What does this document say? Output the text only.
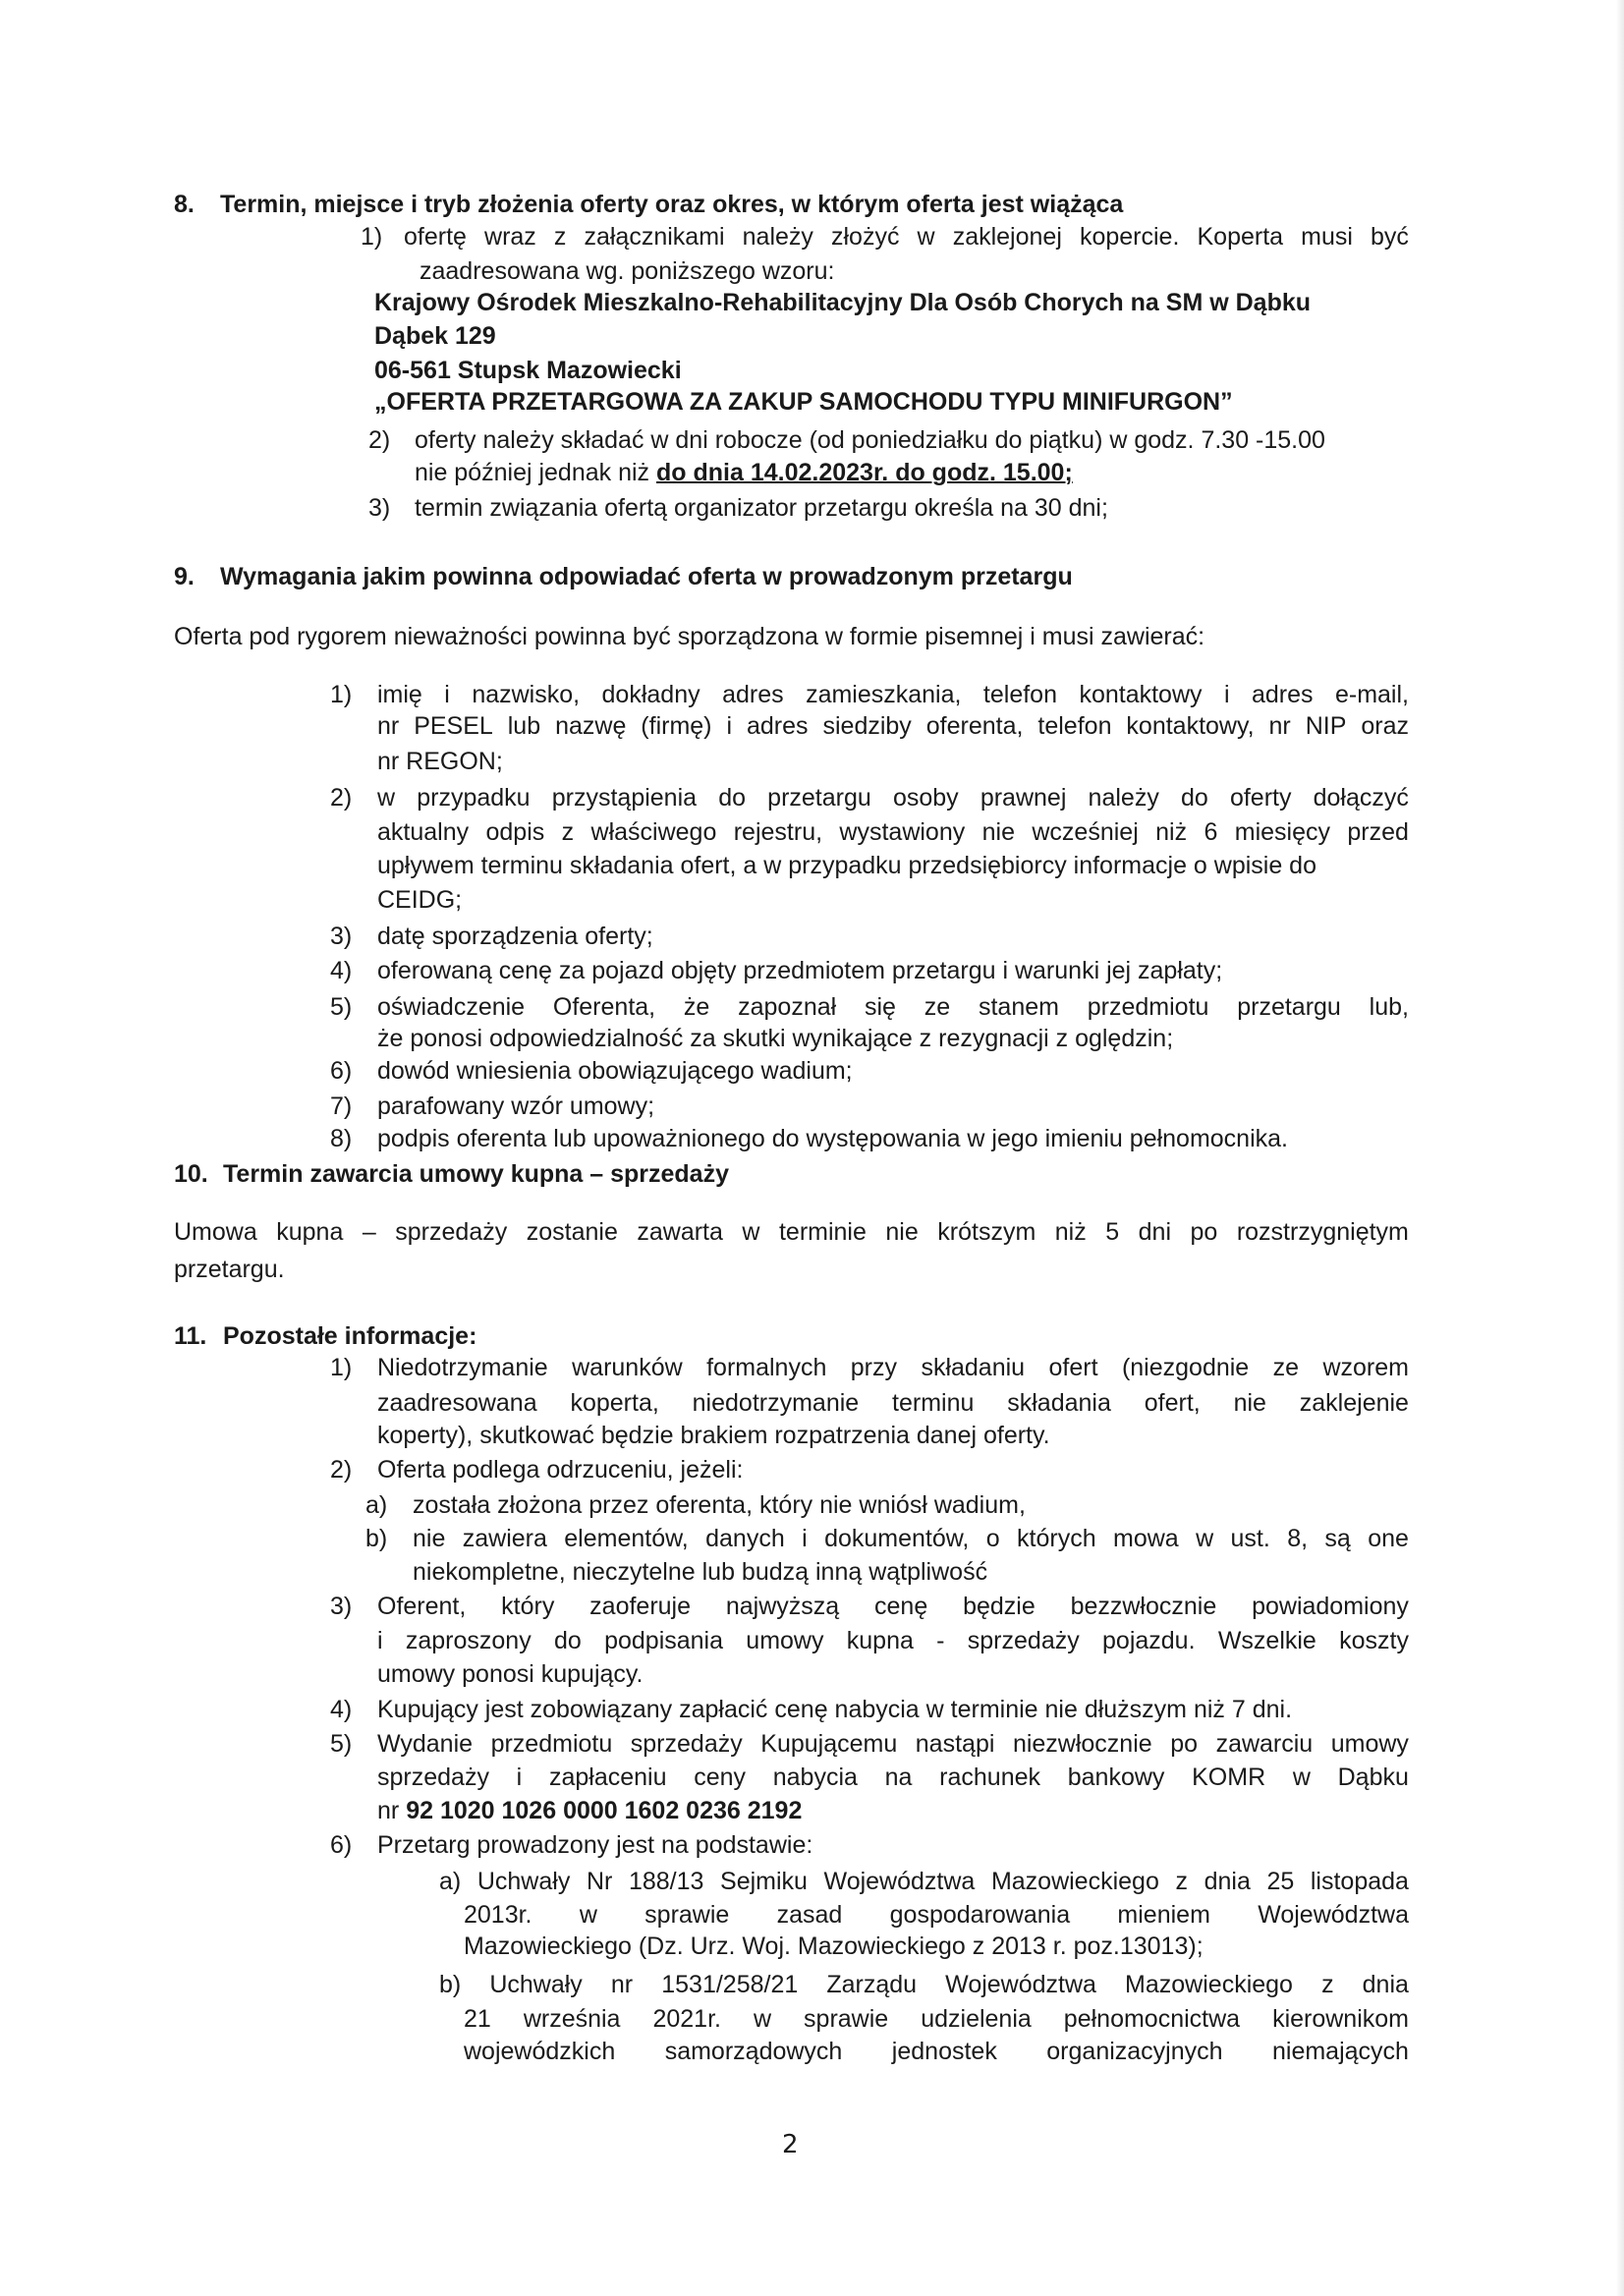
8. Termin, miejsce i tryb złożenia oferty oraz okres, w którym oferta jest wiążąca
1) ofertę wraz z załącznikami należy złożyć w zaklejonej kopercie. Koperta musi być
zaadresowana wg. poniższego wzoru:
Krajowy Ośrodek Mieszkalno-Rehabilitacyjny Dla Osób Chorych na SM w Dąbku
Dąbek 129
06-561 Stupsk Mazowiecki
„OFERTA PRZETARGOWA ZA ZAKUP SAMOCHODU TYPU MINIFURGON”
2) oferty należy składać w dni robocze (od poniedziałku do piątku) w godz. 7.30 -15.00
nie później jednak niż do dnia 14.02.2023r. do godz. 15.00;
3) termin związania ofertą organizator przetargu określa na 30 dni;
9. Wymagania jakim powinna odpowiadać oferta w prowadzonym przetargu
Oferta pod rygorem nieważności powinna być sporządzona w formie pisemnej i musi zawierać:
1) imię i nazwisko, dokładny adres zamieszkania, telefon kontaktowy i adres e-mail,
nr PESEL lub nazwę (firmę) i adres siedziby oferenta, telefon kontaktowy, nr NIP oraz
nr REGON;
2) w przypadku przystąpienia do przetargu osoby prawnej należy do oferty dołączyć
aktualny odpis z właściwego rejestru, wystawiony nie wcześniej niż 6 miesięcy przed
upływem terminu składania ofert, a w przypadku przedsiębiorcy informacje o wpisie do
CEIDG;
3) datę sporządzenia oferty;
4) oferowaną cenę za pojazd objęty przedmiotem przetargu i warunki jej zapłaty;
5) oświadczenie Oferenta, że zapoznał się ze stanem przedmiotu przetargu lub,
że ponosi odpowiedzialność za skutki wynikające z rezygnacji z oględzin;
6) dowód wniesienia obowiązującego wadium;
7) parafowany wzór umowy;
8) podpis oferenta lub upoważnionego do występowania w jego imieniu pełnomocnika.
10. Termin zawarcia umowy kupna – sprzedaży
Umowa kupna – sprzedaży zostanie zawarta w terminie nie krótszym niż 5 dni po rozstrzygniętym
przetargu.
11. Pozostałe informacje:
1) Niedotrzymanie warunków formalnych przy składaniu ofert (niezgodnie ze wzorem
zaadresowana koperta, niedotrzymanie terminu składania ofert, nie zaklejenie
koperty), skutkować będzie brakiem rozpatrzenia danej oferty.
2) Oferta podlega odrzuceniu, jeżeli:
a) została złożona przez oferenta, który nie wniósł wadium,
b) nie zawiera elementów, danych i dokumentów, o których mowa w ust. 8, są one
niekompletne, nieczytelne lub budzą inną wątpliwość
3) Oferent, który zaoferuje najwyższą cenę będzie bezzwłocznie powiadomiony
i zaproszony do podpisania umowy kupna - sprzedaży pojazdu. Wszelkie koszty
umowy ponosi kupujący.
4) Kupujący jest zobowiązany zapłacić cenę nabycia w terminie nie dłuższym niż 7 dni.
5) Wydanie przedmiotu sprzedaży Kupującemu nastąpi niezwłocznie po zawarciu umowy
sprzedaży i zapłaceniu ceny nabycia na rachunek bankowy KOMR w Dąbku
nr 92 1020 1026 0000 1602 0236 2192
6) Przetarg prowadzony jest na podstawie:
a) Uchwały Nr 188/13 Sejmiku Województwa Mazowieckiego z dnia 25 listopada
2013r. w sprawie zasad gospodarowania mieniem Województwa
Mazowieckiego (Dz. Urz. Woj. Mazowieckiego z 2013 r. poz.13013);
b) Uchwały nr 1531/258/21 Zarządu Województwa Mazowieckiego z dnia
21 września 2021r. w sprawie udzielenia pełnomocnictwa kierownikom
wojewódzkich samorządowych jednostek organizacyjnych niemających
2
